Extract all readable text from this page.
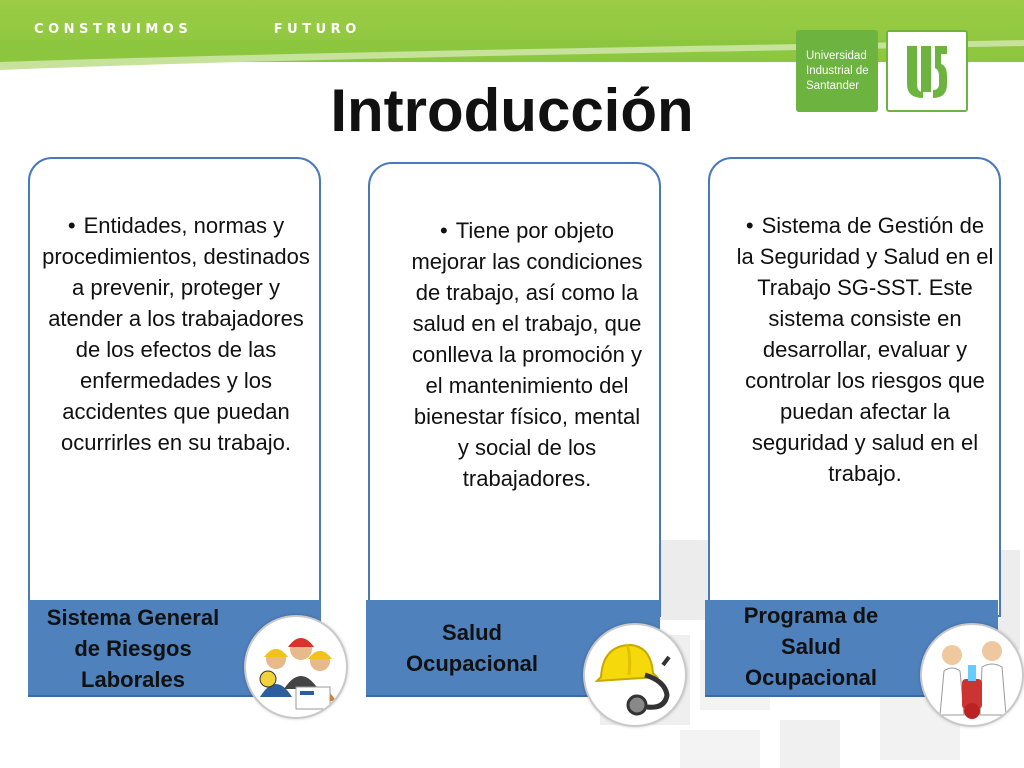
C O N S T R U I M O S	F U T U R O
Universidad
Industrial de
Santander
Introducción
• Entidades, normas y procedimientos, destinados a prevenir, proteger y atender a los trabajadores de los efectos de las enfermedades y los accidentes que puedan ocurrirles en su trabajo.
Sistema General de Riesgos Laborales
• Tiene por objeto mejorar las condiciones de trabajo, así como la salud en el trabajo, que conlleva la promoción y el mantenimiento del bienestar físico, mental y social de los trabajadores.
Salud Ocupacional
• Sistema de Gestión de la Seguridad y Salud en el Trabajo SG-SST. Este sistema consiste en desarrollar, evaluar y controlar los riesgos que puedan afectar la seguridad y salud en el trabajo.
Programa de Salud Ocupacional
